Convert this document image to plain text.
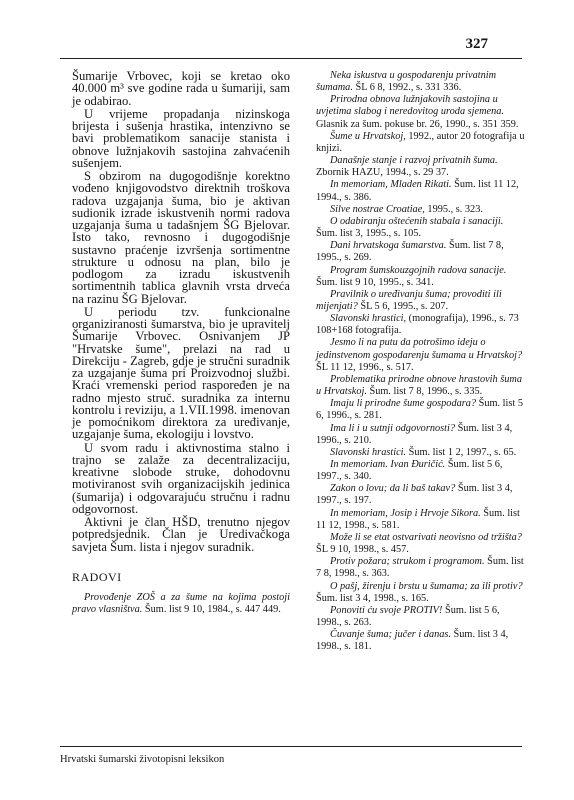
327

Šumarije Vrbovec, koji se kretao oko 40.000 m³ sve godine rada u šumariji, sam je odabirao.

U vrijeme propadanja nizinskoga brijesta i sušenja hrastika, intenzivno se bavi problematikom sanacije stanista i obnove lužnjakovih sastojina zahvaćenih sušenjem.

S obzirom na dugogodišnje korektno vođeno knjigovodstvo direktnih troškova radova uzgajanja šuma, bio je aktivan sudionik izrade iskustvenih normi radova uzgajanja šuma u tadašnjem ŠG Bjelovar. Isto tako, revnosno i dugogodišnje sustavno praćenje izvršenja sortimentne strukture u odnosu na plan, bilo je podlogom za izradu iskustvenih sortimentnih tablica glavnih vrsta drveća na razinu ŠG Bjelovar.

U periodu tzv. funkcionalne organiziranosti šumarstva, bio je upravitelj Šumarije Vrbovec. Osnivanjem JP "Hrvatske šume", prelazi na rad u Direkciju - Zagreb, gdje je stručni suradnik za uzgajanje šuma pri Proizvodnoj službi. Kraći vremenski period raspoređen je na radno mjesto struč. suradnika za internu kontrolu i reviziju, a 1.VII.1998. imenovan je pomoćnikom direktora za uređivanje, uzgajanje šuma, ekologiju i lovstvo.

U svom radu i aktivnostima stalno i trajno se zalaže za decentralizaciju, kreativne slobode struke, dohodovnu motiviranost svih organizacijskih jedinica (šumarija) i odgovarajuću stručnu i radnu odgovornost.

Aktivni je član HŠD, trenutno njegov potpredsjednik. Član je Uredivačkoga savjeta Šum. lista i njegov suradnik.

RADOVI

Provođenje ZOŠ a za šume na kojima postoji pravo vlasništva. Šum. list 9 10, 1984., s. 447 449.

Neka iskustva u gospodarenju privatnim šumama. ŠL 6 8, 1992., s. 331 336.

Prirodna obnova lužnjakovih sastojina u uvjetima slabog i neredovitog uroda sjemena. Glasnik za šum. pokuse br. 26, 1990., s. 351 359.

Šume u Hrvatskoj, 1992., autor 20 fotografija u knjizi.

Današnje stanje i razvoj privatnih šuma. Zbornik HAZU, 1994., s. 29 37.

In memoriam, Mladen Rikati. Šum. list 11 12, 1994., s. 386.

Silve nostrae Croatiae, 1995., s. 323.

O odabiranju oštećenih stabala i sanaciji. Šum. list 3, 1995., s. 105.

Dani hrvatskoga šumarstva. Šum. list 7 8, 1995., s. 269.

Program šumskouzgojnih radova sanacije. Šum. list 9 10, 1995., s. 341.

Pravilnik o uređivanju šuma; provoditi ili mijenjati? ŠL 5 6, 1995., s. 207.

Slavonski hrastici, (monografija), 1996., s. 73 108+168 fotografija.

Jesmo li na putu da potrošimo ideju o jedinstvenom gospodarenju šumama u Hrvatskoj? ŠL 11 12, 1996., s. 517.

Problematika prirodne obnove hrastovih šuma u Hrvatskoj. Šum. list 7 8, 1996., s. 335.

Imaju li prirodne šume gospodara? Šum. list 5 6, 1996., s. 281.

Ima li i u sutnji odgovornosti? Šum. list 3 4, 1996., s. 210.

Slavonski hrastici. Šum. list 1 2, 1997., s. 65.

In memoriam. Ivan Đuričić. Šum. list 5 6, 1997., s. 340.

Zakon o lovu; da li baš takav? Šum. list 3 4, 1997., s. 197.

In memoriam, Josip i Hrvoje Sikora. Šum. list 11 12, 1998., s. 581.

Može li se etat ostvarivati neovisno od tržišta? ŠL 9 10, 1998., s. 457.

Protiv požara; strukom i programom. Šum. list 7 8, 1998., s. 363.

O pašj, žirenju i brstu u šumama; za ili protiv? Šum. list 3 4, 1998., s. 165.

Ponoviti ću svoje PROTIV! Šum. list 5 6, 1998., s. 263.

Čuvanje šuma; jučer i danas. Šum. list 3 4, 1998., s. 181.

Hrvatski šumarski životopisni leksikon
